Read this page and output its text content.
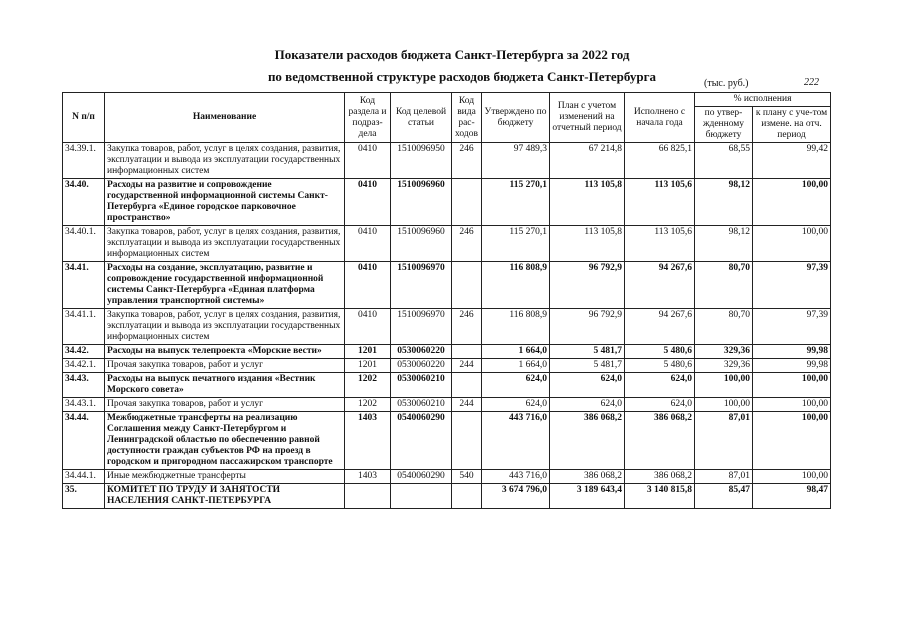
Показатели расходов бюджета Санкт-Петербурга за 2022 год
по ведомственной структуре расходов бюджета Санкт-Петербурга	(тыс. руб.)	222
N п/п	Наименование	Код раздела и подраз-дела	Код целевой статьи	Код вида рас-ходов	Утверждено по бюджету	План с учетом изменений на отчетный период	Исполнено с начала года	% исполнения	
								по утвер-жденному бюджету	к плану с уче-том измене. на отч. период
34.39.1.	Закупка товаров, работ, услуг в целях создания, развития, эксплуатации и вывода из эксплуатации государственных информационных систем	0410	1510096950	246	97 489,3	67 214,8	66 825,1	68,55	99,42
34.40.	Расходы на развитие и сопровождение государственной информационной системы Санкт-Петербурга «Единое городское парковочное пространство»	0410	1510096960		115 270,1	113 105,8	113 105,6	98,12	100,00
34.40.1.	Закупка товаров, работ, услуг в целях создания, развития, эксплуатации и вывода из эксплуатации государственных информационных систем	0410	1510096960	246	115 270,1	113 105,8	113 105,6	98,12	100,00
34.41.	Расходы на создание, эксплуатацию, развитие и сопровождение государственной информационной системы Санкт-Петербурга «Единая платформа управления транспортной системы»	0410	1510096970		116 808,9	96 792,9	94 267,6	80,70	97,39
34.41.1.	Закупка товаров, работ, услуг в целях создания, развития, эксплуатации и вывода из эксплуатации государственных информационных систем	0410	1510096970	246	116 808,9	96 792,9	94 267,6	80,70	97,39
34.42.	Расходы на выпуск телепроекта «Морские вести»	1201	0530060220		1 664,0	5 481,7	5 480,6	329,36	99,98
34.42.1.	Прочая закупка товаров, работ и услуг	1201	0530060220	244	1 664,0	5 481,7	5 480,6	329,36	99,98
34.43.	Расходы на выпуск печатного издания «Вестник Морского совета»	1202	0530060210		624,0	624,0	624,0	100,00	100,00
34.43.1.	Прочая закупка товаров, работ и услуг	1202	0530060210	244	624,0	624,0	624,0	100,00	100,00
34.44.	Межбюджетные трансферты на реализацию Соглашения между Санкт-Петербургом и Ленинградской областью по обеспечению равной доступности граждан субъектов РФ на проезд в городском и пригородном пассажирском транспорте	1403	0540060290		443 716,0	386 068,2	386 068,2	87,01	100,00
34.44.1.	Иные межбюджетные трансферты	1403	0540060290	540	443 716,0	386 068,2	386 068,2	87,01	100,00
35.	КОМИТЕТ ПО ТРУДУ И ЗАНЯТОСТИ НАСЕЛЕНИЯ САНКТ-ПЕТЕРБУРГА				3 674 796,0	3 189 643,4	3 140 815,8	85,47	98,47
